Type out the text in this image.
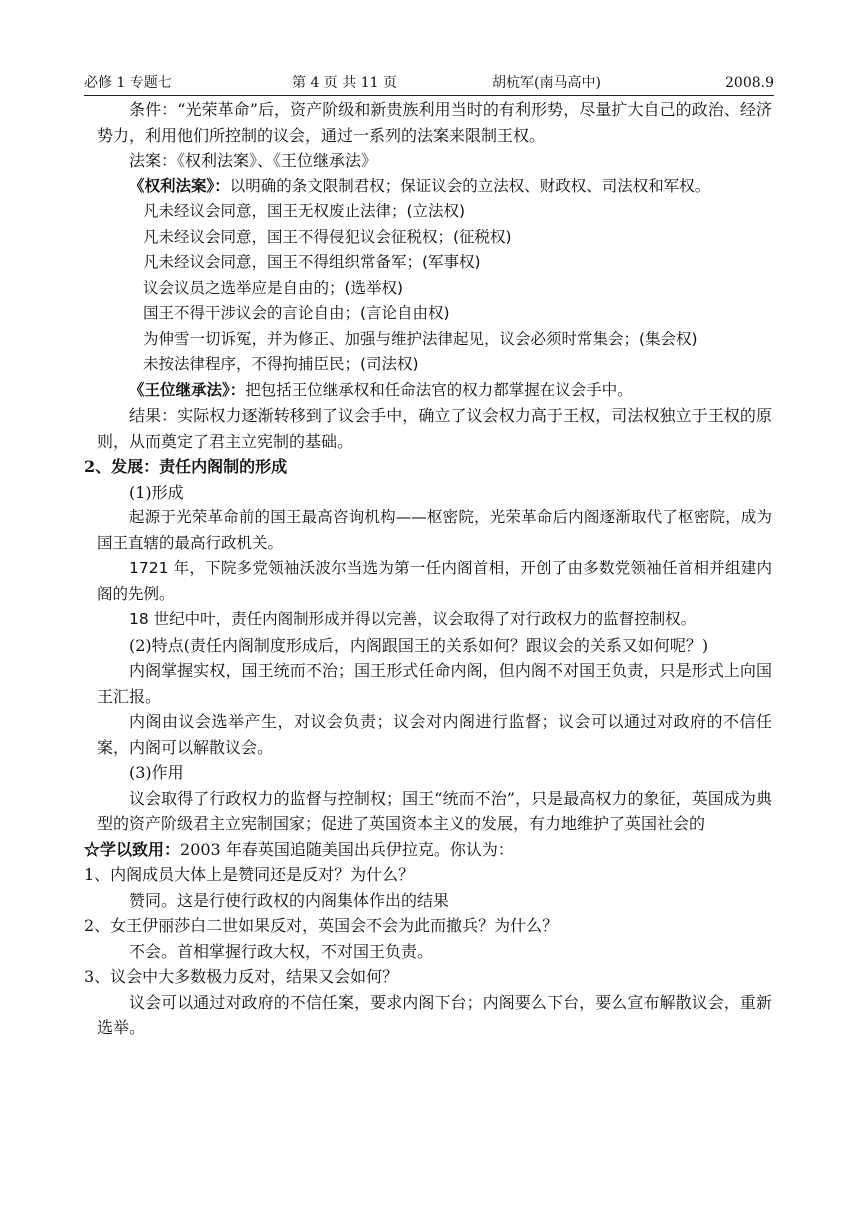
必修 1 专题七	第 4 页 共 11 页	胡杭军(南马高中)	2008.9

条件：“光荣革命”后，资产阶级和新贵族利用当时的有利形势，尽量扩大自己的政治、经济势力，利用他们所控制的议会，通过一系列的法案来限制王权。

法案：《权利法案》、《王位继承法》

《权利法案》：以明确的条文限制君权；保证议会的立法权、财政权、司法权和军权。

凡未经议会同意，国王无权废止法律；(立法权)

凡未经议会同意，国王不得侵犯议会征税权；(征税权)

凡未经议会同意，国王不得组织常备军；(军事权)

议会议员之选举应是自由的；(选举权)

国王不得干涉议会的言论自由；(言论自由权)

为伸雪一切诉冤，并为修正、加强与维护法律起见，议会必须时常集会；(集会权)

未按法律程序，不得拘捕臣民；(司法权)

《王位继承法》：把包括王位继承权和任命法官的权力都掌握在议会手中。

结果：实际权力逐渐转移到了议会手中，确立了议会权力高于王权，司法权独立于王权的原则，从而奠定了君主立宪制的基础。

2、发展：责任内阁制的形成

(1)形成

起源于光荣革命前的国王最高咨询机构——枢密院，光荣革命后内阁逐渐取代了枢密院，成为国王直辖的最高行政机关。

1721 年，下院多党领袖沃波尔当选为第一任内阁首相，开创了由多数党领袖任首相并组建内阁的先例。

18 世纪中叶，责任内阁制形成并得以完善，议会取得了对行政权力的监督控制权。

(2)特点(责任内阁制度形成后，内阁跟国王的关系如何？跟议会的关系又如何呢？)

内阁掌握实权，国王统而不治；国王形式任命内阁，但内阁不对国王负责，只是形式上向国王汇报。

内阁由议会选举产生，对议会负责；议会对内阁进行监督；议会可以通过对政府的不信任案，内阁可以解散议会。

(3)作用

议会取得了行政权力的监督与控制权；国王“统而不治”，只是最高权力的象征，英国成为典型的资产阶级君主立宪制国家；促进了英国资本主义的发展，有力地维护了英国社会的

☆学以致用：2003 年春英国追随美国出兵伊拉克。你认为：

1、内阁成员大体上是赞同还是反对？为什么？

赞同。这是行使行政权的内阁集体作出的结果

2、女王伊丽莎白二世如果反对，英国会不会为此而撤兵？为什么？

不会。首相掌握行政大权，不对国王负责。

3、议会中大多数极力反对，结果又会如何？

议会可以通过对政府的不信任案，要求内阁下台；内阁要么下台，要么宣布解散议会，重新选举。
